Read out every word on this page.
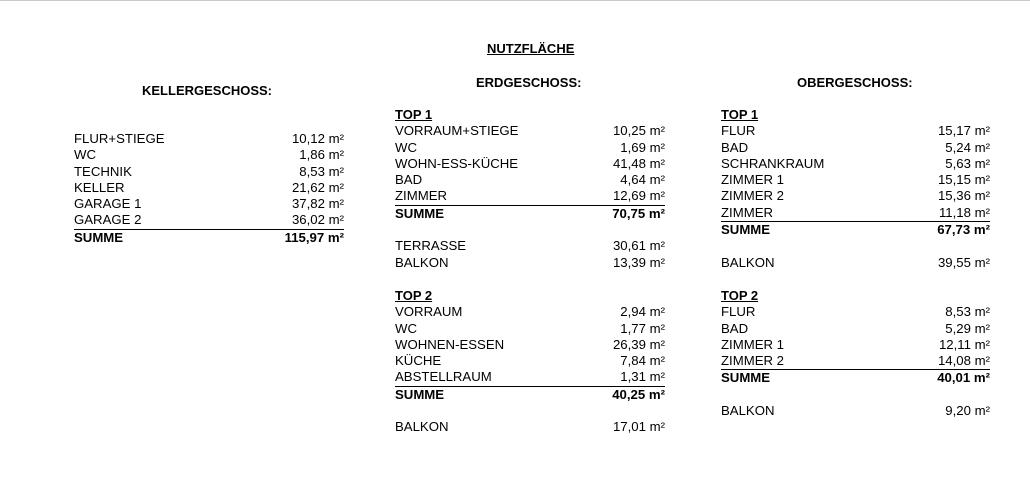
NUTZFLÄCHE
KELLERGESCHOSS:
ERDGESCHOSS:	OBERGESCHOSS:
FLUR+STIEGE	10,12 m²
WC	1,86 m²
TECHNIK	8,53 m²
KELLER	21,62 m²
GARAGE 1	37,82 m²
GARAGE 2	36,02 m²
SUMME	115,97 m²
TOP 1
VORRAUM+STIEGE	10,25 m²
WC	1,69 m²
WOHN-ESS-KÜCHE	41,48 m²
BAD	4,64 m²
ZIMMER	12,69 m²
SUMME	70,75 m²
TERRASSE	30,61 m²
BALKON	13,39 m²
TOP 2
VORRAUM	2,94 m²
WC	1,77 m²
WOHNEN-ESSEN	26,39 m²
KÜCHE	7,84 m²
ABSTELLRAUM	1,31 m²
SUMME	40,25 m²
BALKON	17,01 m²
TOP 1
FLUR	15,17 m²
BAD	5,24 m²
SCHRANKRAUM	5,63 m²
ZIMMER 1	15,15 m²
ZIMMER 2	15,36 m²
ZIMMER	11,18 m²
SUMME	67,73 m²
BALKON	39,55 m²
TOP 2
FLUR	8,53 m²
BAD	5,29 m²
ZIMMER 1	12,11 m²
ZIMMER 2	14,08 m²
SUMME	40,01 m²
BALKON	9,20 m²
